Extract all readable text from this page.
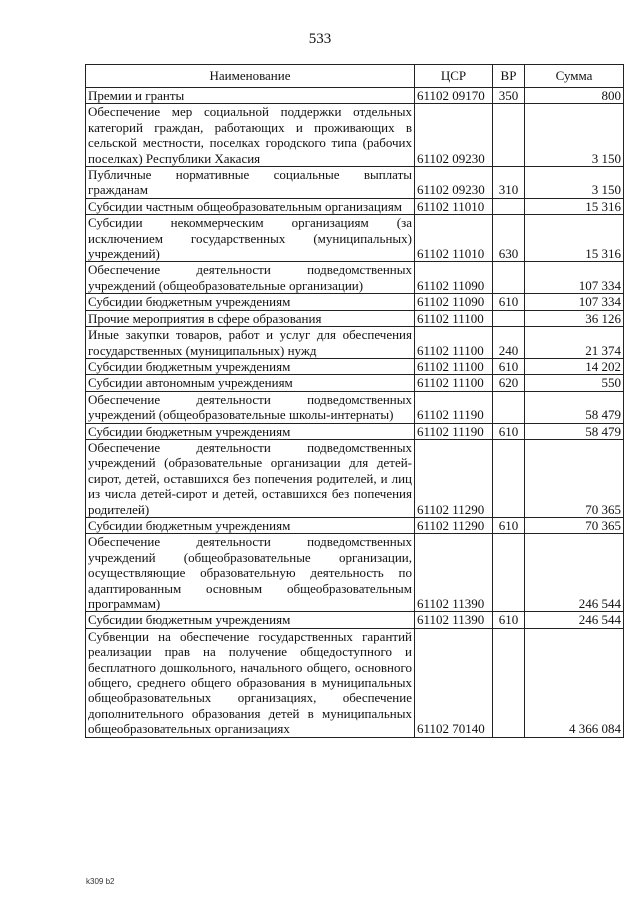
533
Наименование	ЦСР	ВР	Сумма
Премии и гранты	61102 09170	350	800
Обеспечение мер социальной поддержки отдельных категорий граждан, работающих и проживающих в сельской местности, поселках городского типа (рабочих поселках) Республики Хакасия	61102 09230		3 150
Публичные нормативные социальные выплаты гражданам	61102 09230	310	3 150
Субсидии частным общеобразовательным организациям	61102 11010		15 316
Субсидии некоммерческим организациям (за исключением государственных (муниципальных) учреждений)	61102 11010	630	15 316
Обеспечение деятельности подведомственных учреждений (общеобразовательные организации)	61102 11090		107 334
Субсидии бюджетным учреждениям	61102 11090	610	107 334
Прочие мероприятия в сфере образования	61102 11100		36 126
Иные закупки товаров, работ и услуг для обеспечения государственных (муниципальных) нужд	61102 11100	240	21 374
Субсидии бюджетным учреждениям	61102 11100	610	14 202
Субсидии автономным учреждениям	61102 11100	620	550
Обеспечение деятельности подведомственных учреждений (общеобразовательные школы-интернаты)	61102 11190		58 479
Субсидии бюджетным учреждениям	61102 11190	610	58 479
Обеспечение деятельности подведомственных учреждений (образовательные организации для детей-сирот, детей, оставшихся без попечения родителей, и лиц из числа детей-сирот и детей, оставшихся без попечения родителей)	61102 11290		70 365
Субсидии бюджетным учреждениям	61102 11290	610	70 365
Обеспечение деятельности подведомственных учреждений (общеобразовательные организации, осуществляющие образовательную деятельность по адаптированным основным общеобразовательным программам)	61102 11390		246 544
Субсидии бюджетным учреждениям	61102 11390	610	246 544
Субвенции на обеспечение государственных гарантий реализации прав на получение общедоступного и бесплатного дошкольного, начального общего, основного общего, среднего общего образования в муниципальных общеобразовательных организациях, обеспечение дополнительного образования детей в муниципальных общеобразовательных организациях	61102 70140		4 366 084
k309 b2
